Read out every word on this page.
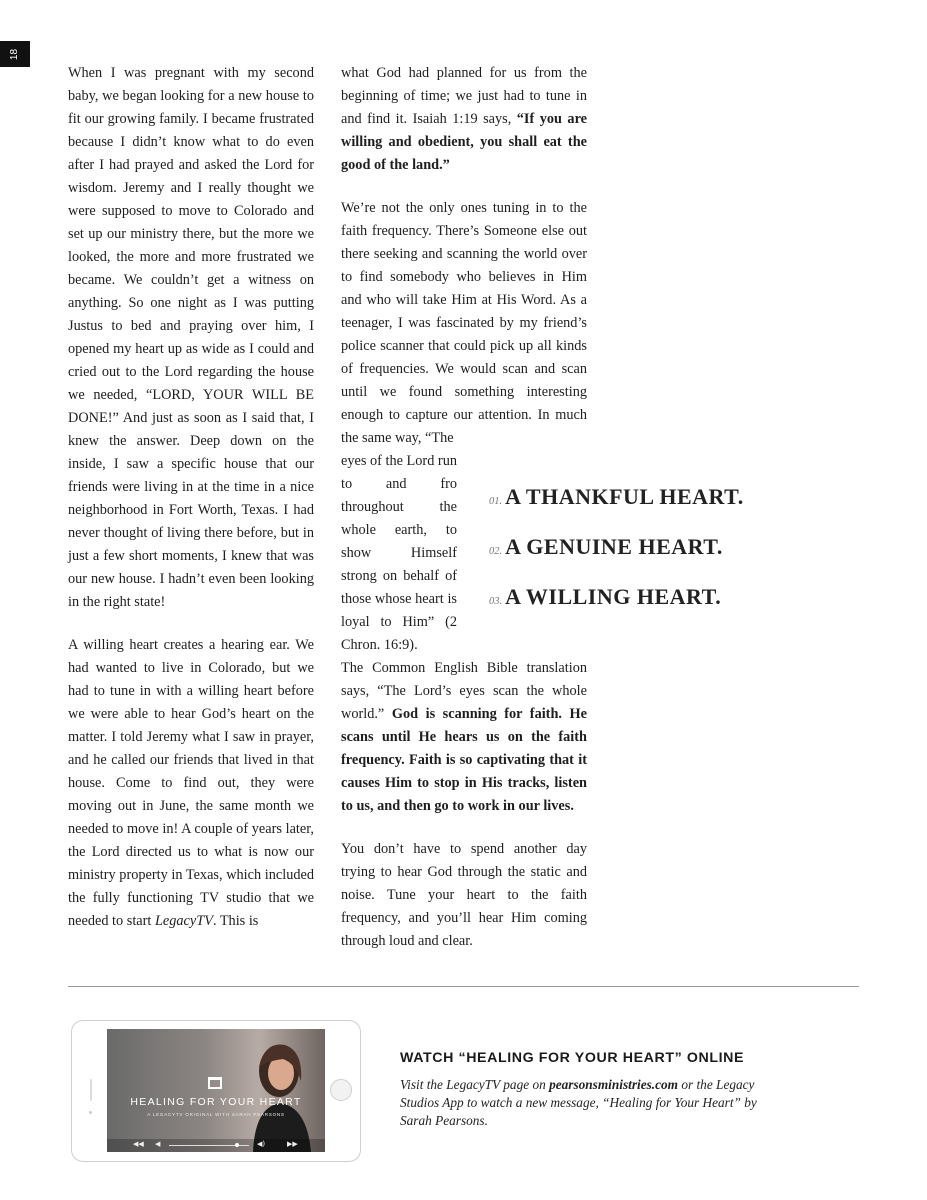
18

When I was pregnant with my second baby, we began looking for a new house to fit our growing family. I became frustrated because I didn’t know what to do even after I had prayed and asked the Lord for wisdom. Jeremy and I really thought we were supposed to move to Colorado and set up our ministry there, but the more we looked, the more and more frustrated we became. We couldn’t get a witness on anything. So one night as I was putting Justus to bed and praying over him, I opened my heart up as wide as I could and cried out to the Lord regarding the house we needed, “LORD, YOUR WILL BE DONE!” And just as soon as I said that, I knew the answer. Deep down on the inside, I saw a specific house that our friends were living in at the time in a nice neighborhood in Fort Worth, Texas. I had never thought of living there before, but in just a few short moments, I knew that was our new house. I hadn’t even been looking in the right state!

A willing heart creates a hearing ear. We had wanted to live in Colorado, but we had to tune in with a willing heart before we were able to hear God’s heart on the matter. I told Jeremy what I saw in prayer, and he called our friends that lived in that house. Come to find out, they were moving out in June, the same month we needed to move in! A couple of years later, the Lord directed us to what is now our ministry property in Texas, which included the fully functioning TV studio that we needed to start LegacyTV. This is

what God had planned for us from the beginning of time; we just had to tune in and find it. Isaiah 1:19 says, “If you are willing and obedient, you shall eat the good of the land.”

We’re not the only ones tuning in to the faith frequency. There’s Someone else out there seeking and scanning the world over to find somebody who believes in Him and who will take Him at His Word. As a teenager, I was fascinated by my friend’s police scanner that could pick up all kinds of frequencies. We would scan and scan until we found something interesting enough to capture our attention. In much the same way, “The

eyes of the Lord run to and fro throughout the whole earth, to show Himself strong on behalf of those whose heart is loyal to Him” (2 Chron. 16:9).

The Common English Bible translation says, “The Lord’s eyes scan the whole world.” God is scanning for faith. He scans until He hears us on the faith frequency. Faith is so captivating that it causes Him to stop in His tracks, listen to us, and then go to work in our lives.

You don’t have to spend another day trying to hear God through the static and noise. Tune your heart to the faith frequency, and you’ll hear Him coming through loud and clear.

01. A THANKFUL HEART.
02. A GENUINE HEART.
03. A WILLING HEART.
HEALING FOR YOUR HEART
A LEGACYTV ORIGINAL WITH SARAH PEARSONS
◀◀ ◀	◀)	▶▶
WATCH “HEALING FOR YOUR HEART” ONLINE
Visit the LegacyTV page on pearsonsministries.com or the Legacy Studios App to watch a new message, “Healing for Your Heart” by Sarah Pearsons.
